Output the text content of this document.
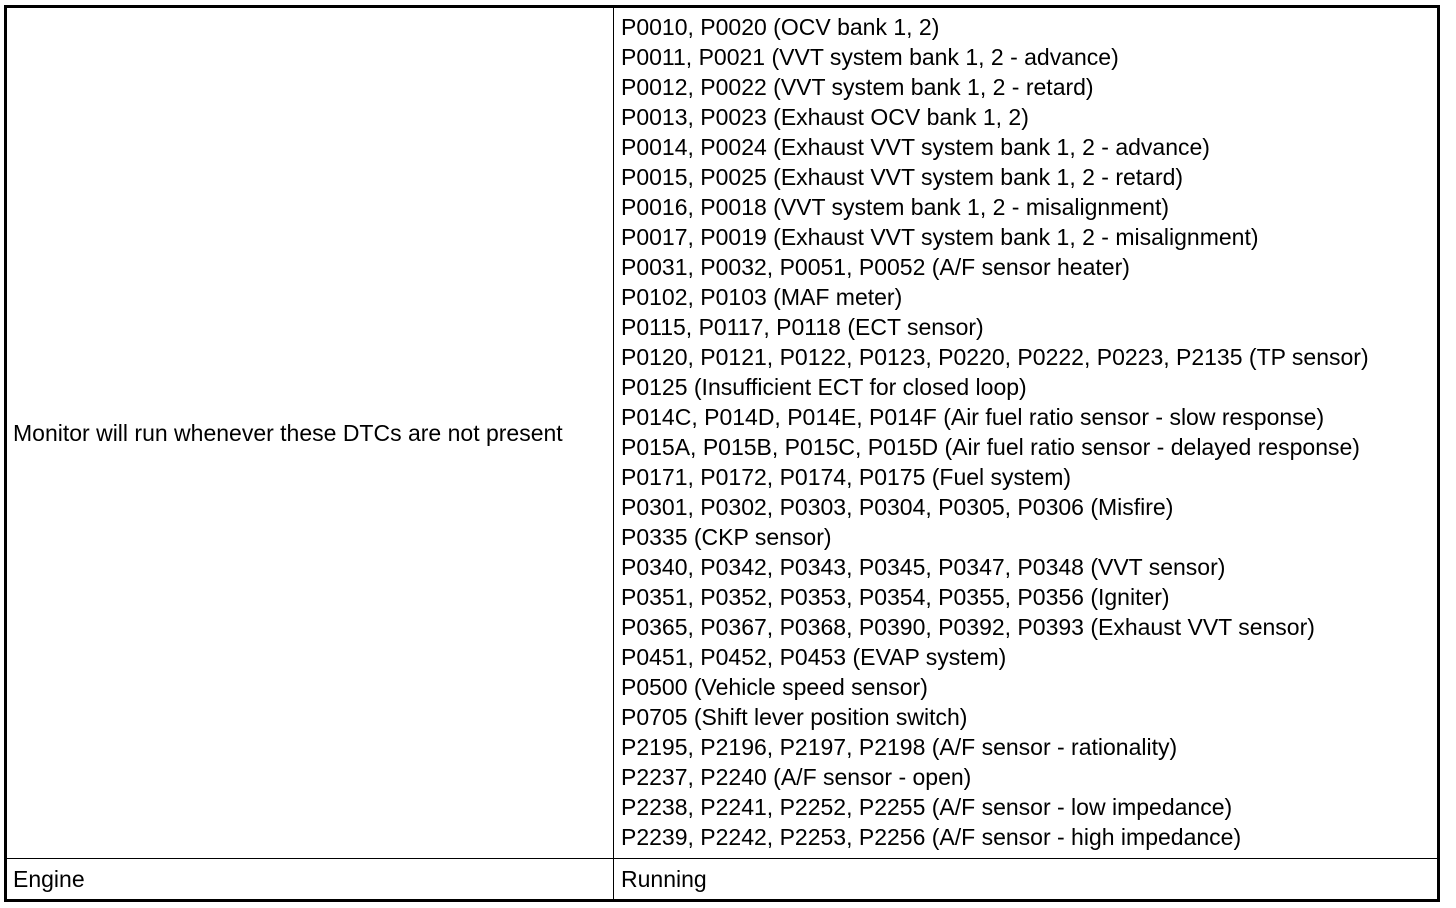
Monitor will run whenever these DTCs are not present
P0010, P0020 (OCV bank 1, 2)
P0011, P0021 (VVT system bank 1, 2 - advance)
P0012, P0022 (VVT system bank 1, 2 - retard)
P0013, P0023 (Exhaust OCV bank 1, 2)
P0014, P0024 (Exhaust VVT system bank 1, 2 - advance)
P0015, P0025 (Exhaust VVT system bank 1, 2 - retard)
P0016, P0018 (VVT system bank 1, 2 - misalignment)
P0017, P0019 (Exhaust VVT system bank 1, 2 - misalignment)
P0031, P0032, P0051, P0052 (A/F sensor heater)
P0102, P0103 (MAF meter)
P0115, P0117, P0118 (ECT sensor)
P0120, P0121, P0122, P0123, P0220, P0222, P0223, P2135 (TP sensor)
P0125 (Insufficient ECT for closed loop)
P014C, P014D, P014E, P014F (Air fuel ratio sensor - slow response)
P015A, P015B, P015C, P015D (Air fuel ratio sensor - delayed response)
P0171, P0172, P0174, P0175 (Fuel system)
P0301, P0302, P0303, P0304, P0305, P0306 (Misfire)
P0335 (CKP sensor)
P0340, P0342, P0343, P0345, P0347, P0348 (VVT sensor)
P0351, P0352, P0353, P0354, P0355, P0356 (Igniter)
P0365, P0367, P0368, P0390, P0392, P0393 (Exhaust VVT sensor)
P0451, P0452, P0453 (EVAP system)
P0500 (Vehicle speed sensor)
P0705 (Shift lever position switch)
P2195, P2196, P2197, P2198 (A/F sensor - rationality)
P2237, P2240 (A/F sensor - open)
P2238, P2241, P2252, P2255 (A/F sensor - low impedance)
P2239, P2242, P2253, P2256 (A/F sensor - high impedance)
Engine	Running
